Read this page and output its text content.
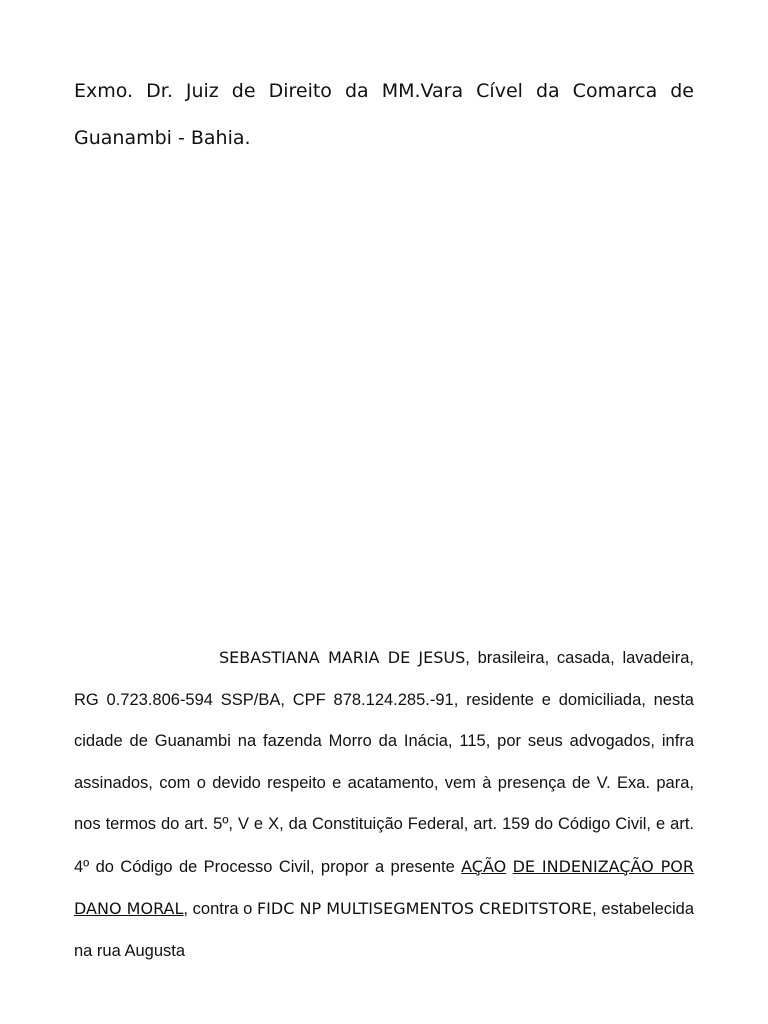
Exmo. Dr. Juiz de Direito da MM.Vara Cível da Comarca de Guanambi - Bahia.

SEBASTIANA MARIA DE JESUS, brasileira, casada, lavadeira, RG 0.723.806-594 SSP/BA, CPF 878.124.285.-91, residente e domiciliada, nesta cidade de Guanambi na fazenda Morro da Inácia, 115, por seus advogados, infra assinados, com o devido respeito e acatamento, vem à presença de V. Exa. para, nos termos do art. 5º, V e X, da Constituição Federal, art. 159 do Código Civil, e art. 4º do Código de Processo Civil, propor a presente AÇÃO DE INDENIZAÇÃO POR DANO MORAL, contra o FIDC NP MULTISEGMENTOS CREDITSTORE, estabelecida na rua Augusta
